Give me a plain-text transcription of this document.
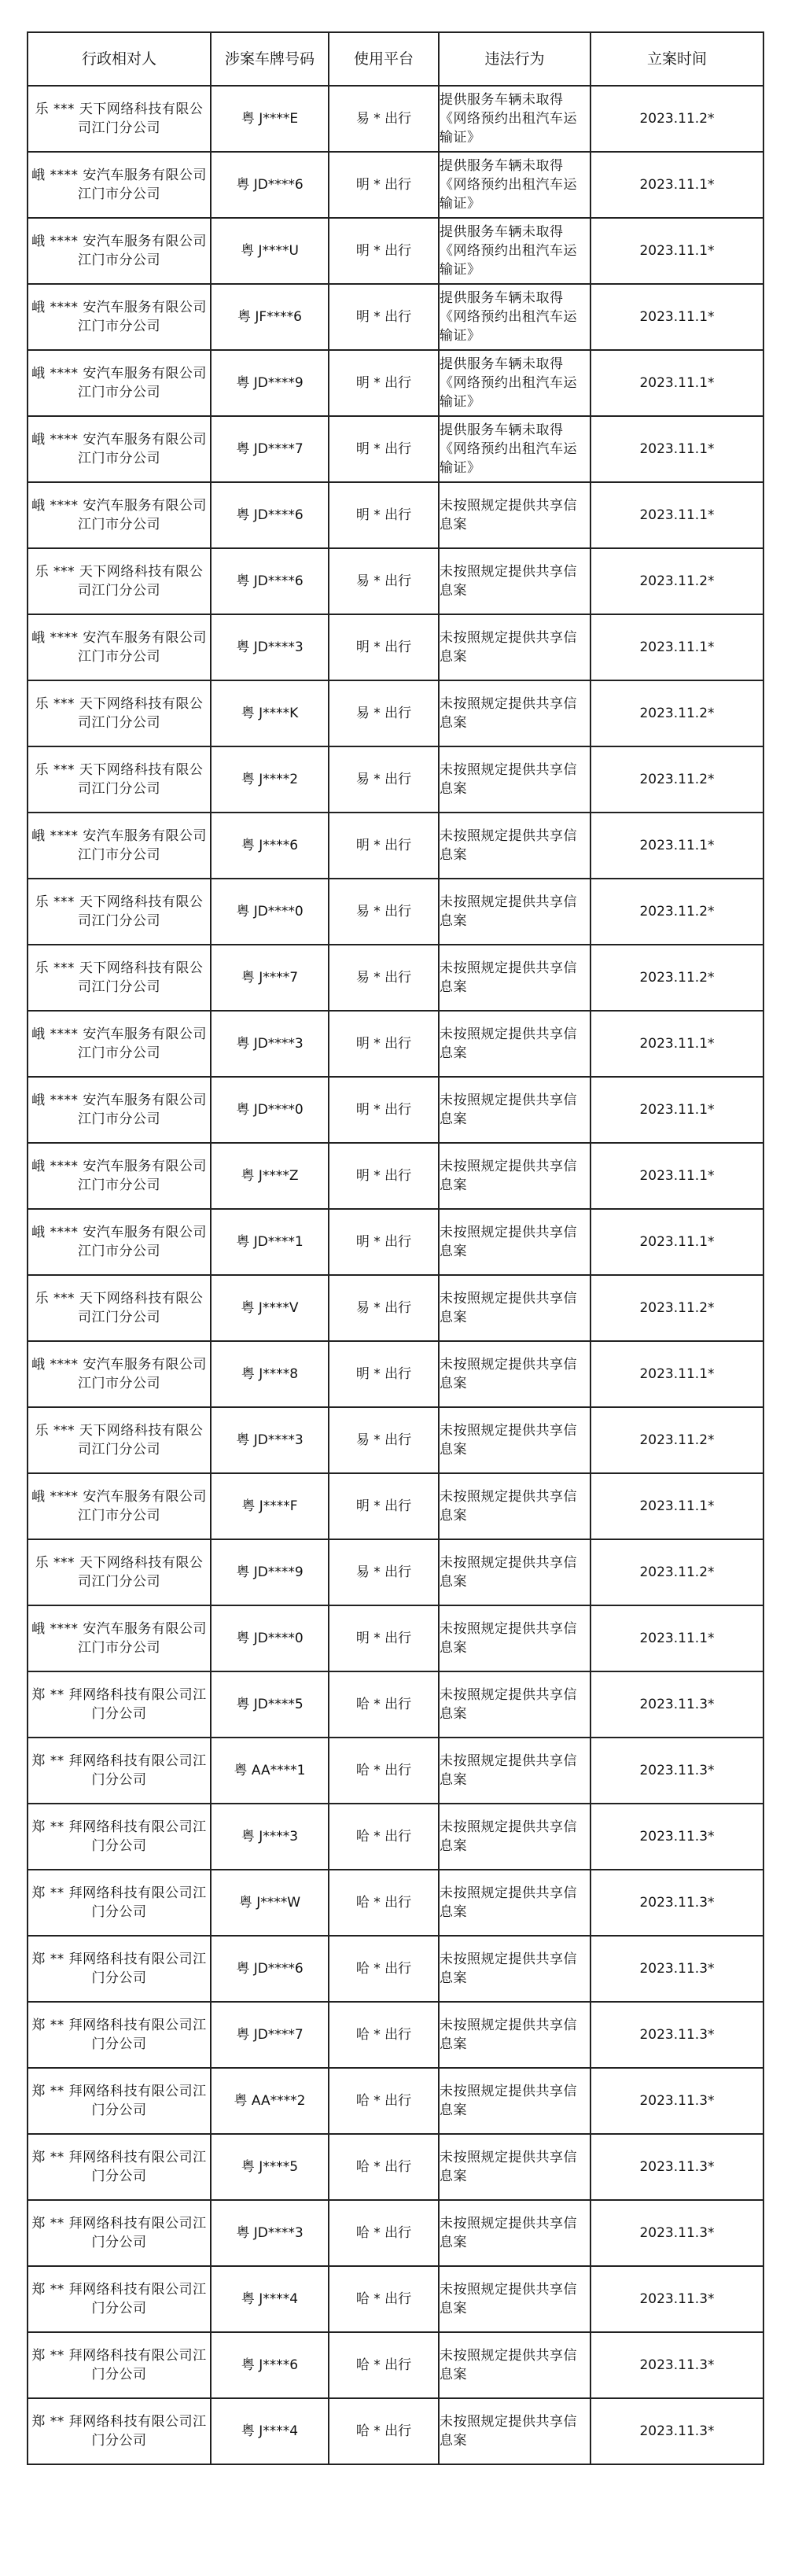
行政相对人	涉案车牌号码	使用平台	违法行为	立案时间
乐 *** 天下网络科技有限公司江门分公司	粤 J****E	易 * 出行	提供服务车辆未取得《网络预约出租汽车运输证》	2023.11.2*
峨 **** 安汽车服务有限公司江门市分公司	粤 JD****6	明 * 出行	提供服务车辆未取得《网络预约出租汽车运输证》	2023.11.1*
峨 **** 安汽车服务有限公司江门市分公司	粤 J****U	明 * 出行	提供服务车辆未取得《网络预约出租汽车运输证》	2023.11.1*
峨 **** 安汽车服务有限公司江门市分公司	粤 JF****6	明 * 出行	提供服务车辆未取得《网络预约出租汽车运输证》	2023.11.1*
峨 **** 安汽车服务有限公司江门市分公司	粤 JD****9	明 * 出行	提供服务车辆未取得《网络预约出租汽车运输证》	2023.11.1*
峨 **** 安汽车服务有限公司江门市分公司	粤 JD****7	明 * 出行	提供服务车辆未取得《网络预约出租汽车运输证》	2023.11.1*
峨 **** 安汽车服务有限公司江门市分公司	粤 JD****6	明 * 出行	未按照规定提供共享信息案	2023.11.1*
乐 *** 天下网络科技有限公司江门分公司	粤 JD****6	易 * 出行	未按照规定提供共享信息案	2023.11.2*
峨 **** 安汽车服务有限公司江门市分公司	粤 JD****3	明 * 出行	未按照规定提供共享信息案	2023.11.1*
乐 *** 天下网络科技有限公司江门分公司	粤 J****K	易 * 出行	未按照规定提供共享信息案	2023.11.2*
乐 *** 天下网络科技有限公司江门分公司	粤 J****2	易 * 出行	未按照规定提供共享信息案	2023.11.2*
峨 **** 安汽车服务有限公司江门市分公司	粤 J****6	明 * 出行	未按照规定提供共享信息案	2023.11.1*
乐 *** 天下网络科技有限公司江门分公司	粤 JD****0	易 * 出行	未按照规定提供共享信息案	2023.11.2*
乐 *** 天下网络科技有限公司江门分公司	粤 J****7	易 * 出行	未按照规定提供共享信息案	2023.11.2*
峨 **** 安汽车服务有限公司江门市分公司	粤 JD****3	明 * 出行	未按照规定提供共享信息案	2023.11.1*
峨 **** 安汽车服务有限公司江门市分公司	粤 JD****0	明 * 出行	未按照规定提供共享信息案	2023.11.1*
峨 **** 安汽车服务有限公司江门市分公司	粤 J****Z	明 * 出行	未按照规定提供共享信息案	2023.11.1*
峨 **** 安汽车服务有限公司江门市分公司	粤 JD****1	明 * 出行	未按照规定提供共享信息案	2023.11.1*
乐 *** 天下网络科技有限公司江门分公司	粤 J****V	易 * 出行	未按照规定提供共享信息案	2023.11.2*
峨 **** 安汽车服务有限公司江门市分公司	粤 J****8	明 * 出行	未按照规定提供共享信息案	2023.11.1*
乐 *** 天下网络科技有限公司江门分公司	粤 JD****3	易 * 出行	未按照规定提供共享信息案	2023.11.2*
峨 **** 安汽车服务有限公司江门市分公司	粤 J****F	明 * 出行	未按照规定提供共享信息案	2023.11.1*
乐 *** 天下网络科技有限公司江门分公司	粤 JD****9	易 * 出行	未按照规定提供共享信息案	2023.11.2*
峨 **** 安汽车服务有限公司江门市分公司	粤 JD****0	明 * 出行	未按照规定提供共享信息案	2023.11.1*
郑 ** 拜网络科技有限公司江门分公司	粤 JD****5	哈 * 出行	未按照规定提供共享信息案	2023.11.3*
郑 ** 拜网络科技有限公司江门分公司	粤 AA****1	哈 * 出行	未按照规定提供共享信息案	2023.11.3*
郑 ** 拜网络科技有限公司江门分公司	粤 J****3	哈 * 出行	未按照规定提供共享信息案	2023.11.3*
郑 ** 拜网络科技有限公司江门分公司	粤 J****W	哈 * 出行	未按照规定提供共享信息案	2023.11.3*
郑 ** 拜网络科技有限公司江门分公司	粤 JD****6	哈 * 出行	未按照规定提供共享信息案	2023.11.3*
郑 ** 拜网络科技有限公司江门分公司	粤 JD****7	哈 * 出行	未按照规定提供共享信息案	2023.11.3*
郑 ** 拜网络科技有限公司江门分公司	粤 AA****2	哈 * 出行	未按照规定提供共享信息案	2023.11.3*
郑 ** 拜网络科技有限公司江门分公司	粤 J****5	哈 * 出行	未按照规定提供共享信息案	2023.11.3*
郑 ** 拜网络科技有限公司江门分公司	粤 JD****3	哈 * 出行	未按照规定提供共享信息案	2023.11.3*
郑 ** 拜网络科技有限公司江门分公司	粤 J****4	哈 * 出行	未按照规定提供共享信息案	2023.11.3*
郑 ** 拜网络科技有限公司江门分公司	粤 J****6	哈 * 出行	未按照规定提供共享信息案	2023.11.3*
郑 ** 拜网络科技有限公司江门分公司	粤 J****4	哈 * 出行	未按照规定提供共享信息案	2023.11.3*
